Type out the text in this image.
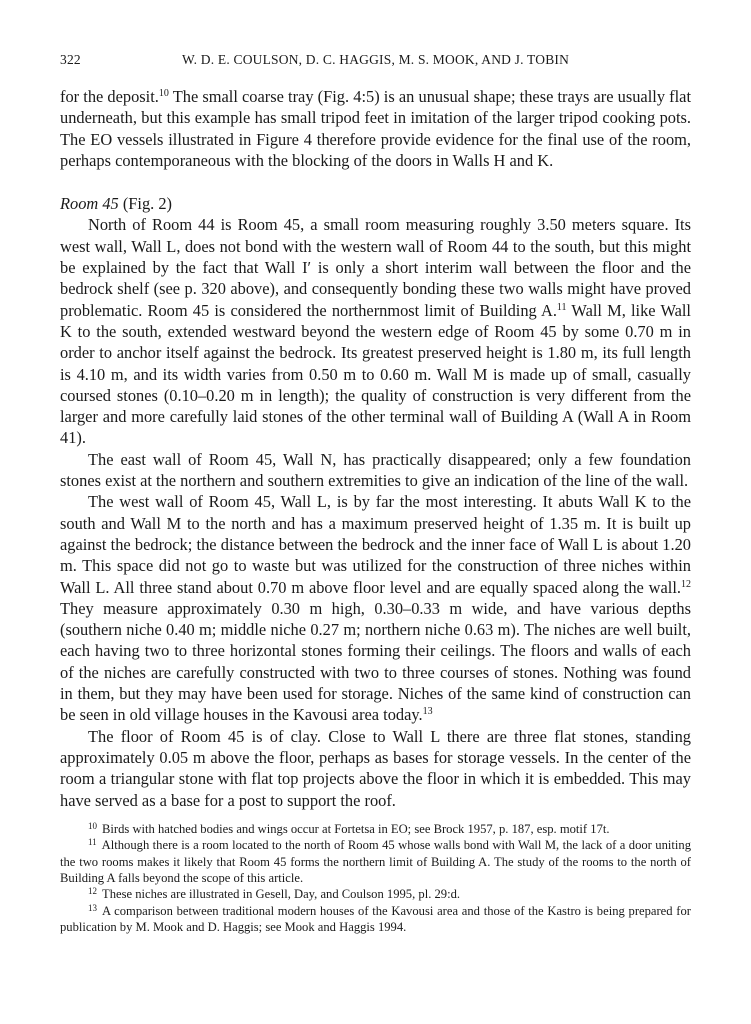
322	W. D. E. COULSON, D. C. HAGGIS, M. S. MOOK, AND J. TOBIN

for the deposit.$^{10}$ The small coarse tray (Fig. 4:5) is an unusual shape; these trays are usually flat underneath, but this example has small tripod feet in imitation of the larger tripod cooking pots. The EO vessels illustrated in Figure 4 therefore provide evidence for the final use of the room, perhaps contemporaneous with the blocking of the doors in Walls H and K.

Room 45 (Fig. 2)

North of Room 44 is Room 45, a small room measuring roughly 3.50 meters square. Its west wall, Wall L, does not bond with the western wall of Room 44 to the south, but this might be explained by the fact that Wall I′ is only a short interim wall between the floor and the bedrock shelf (see p. 320 above), and consequently bonding these two walls might have proved problematic. Room 45 is considered the northernmost limit of Building A.$^{11}$ Wall M, like Wall K to the south, extended westward beyond the western edge of Room 45 by some 0.70 m in order to anchor itself against the bedrock. Its greatest preserved height is 1.80 m, its full length is 4.10 m, and its width varies from 0.50 m to 0.60 m. Wall M is made up of small, casually coursed stones (0.10–0.20 m in length); the quality of construction is very different from the larger and more carefully laid stones of the other terminal wall of Building A (Wall A in Room 41).

The east wall of Room 45, Wall N, has practically disappeared; only a few foundation stones exist at the northern and southern extremities to give an indication of the line of the wall.

The west wall of Room 45, Wall L, is by far the most interesting. It abuts Wall K to the south and Wall M to the north and has a maximum preserved height of 1.35 m. It is built up against the bedrock; the distance between the bedrock and the inner face of Wall L is about 1.20 m. This space did not go to waste but was utilized for the construction of three niches within Wall L. All three stand about 0.70 m above floor level and are equally spaced along the wall.$^{12}$ They measure approximately 0.30 m high, 0.30–0.33 m wide, and have various depths (southern niche 0.40 m; middle niche 0.27 m; northern niche 0.63 m). The niches are well built, each having two to three horizontal stones forming their ceilings. The floors and walls of each of the niches are carefully constructed with two to three courses of stones. Nothing was found in them, but they may have been used for storage. Niches of the same kind of construction can be seen in old village houses in the Kavousi area today.$^{13}$

The floor of Room 45 is of clay. Close to Wall L there are three flat stones, standing approximately 0.05 m above the floor, perhaps as bases for storage vessels. In the center of the room a triangular stone with flat top projects above the floor in which it is embedded. This may have served as a base for a post to support the roof.

$^{10}$ Birds with hatched bodies and wings occur at Fortetsa in EO; see Brock 1957, p. 187, esp. motif 17t.

$^{11}$ Although there is a room located to the north of Room 45 whose walls bond with Wall M, the lack of a door uniting the two rooms makes it likely that Room 45 forms the northern limit of Building A. The study of the rooms to the north of Building A falls beyond the scope of this article.

$^{12}$ These niches are illustrated in Gesell, Day, and Coulson 1995, pl. 29:d.

$^{13}$ A comparison between traditional modern houses of the Kavousi area and those of the Kastro is being prepared for publication by M. Mook and D. Haggis; see Mook and Haggis 1994.
